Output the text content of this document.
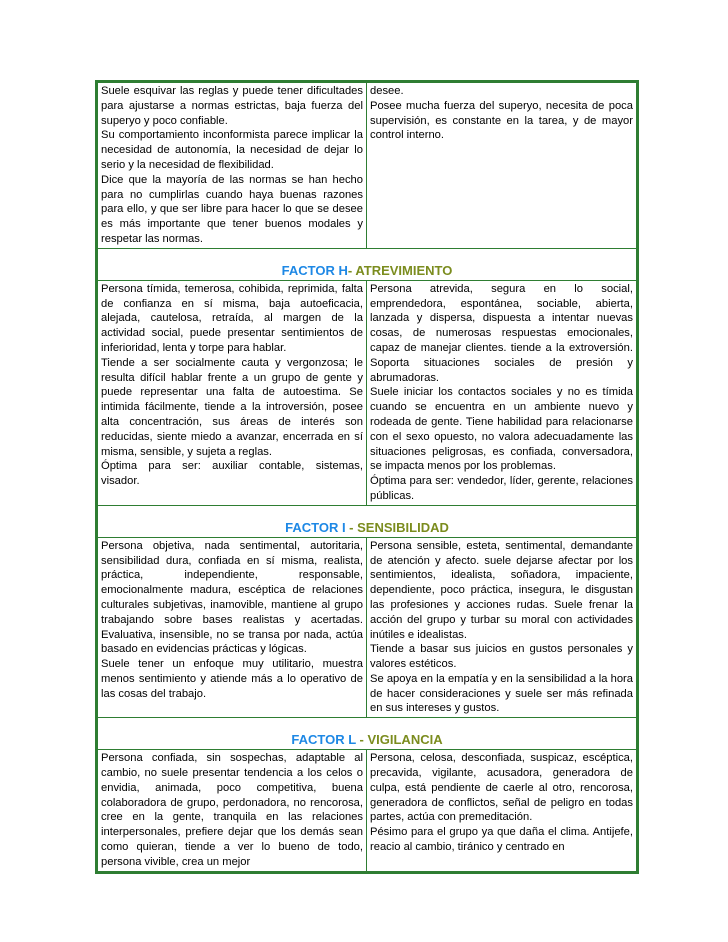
Suele esquivar las reglas y puede tener dificultades para ajustarse a normas estrictas, baja fuerza del superyo y poco confiable.

Su comportamiento inconformista parece implicar la necesidad de autonomía, la necesidad de dejar lo serio y la necesidad de flexibilidad.

Dice que la mayoría de las normas se han hecho para no cumplirlas cuando haya buenas razones para ello, y que ser libre para hacer lo que se desee es más importante que tener buenos modales y respetar las normas.

desee.

Posee mucha fuerza del superyo, necesita de poca supervisión, es constante en la tarea, y de mayor control interno.

FACTOR H- ATREVIMIENTO

Persona tímida, temerosa, cohibida, reprimida, falta de confianza en sí misma, baja autoeficacia, alejada, cautelosa, retraída, al margen de la actividad social, puede presentar sentimientos de inferioridad, lenta y torpe para hablar.

Tiende a ser socialmente cauta y vergonzosa; le resulta difícil hablar frente a un grupo de gente y puede representar una falta de autoestima. Se intimida fácilmente, tiende a la introversión, posee alta concentración, sus áreas de interés son reducidas, siente miedo a avanzar, encerrada en sí misma, sensible, y sujeta a reglas.

Óptima para ser: auxiliar contable, sistemas, visador.

Persona atrevida, segura en lo social, emprendedora, espontánea, sociable, abierta, lanzada y dispersa, dispuesta a intentar nuevas cosas, de numerosas respuestas emocionales, capaz de manejar clientes. tiende a la extroversión. Soporta situaciones sociales de presión y abrumadoras.

Suele iniciar los contactos sociales y no es tímida cuando se encuentra en un ambiente nuevo y rodeada de gente. Tiene habilidad para relacionarse con el sexo opuesto, no valora adecuadamente las situaciones peligrosas, es confiada, conversadora, se impacta menos por los problemas.

Óptima para ser: vendedor, líder, gerente, relaciones públicas.

FACTOR I - SENSIBILIDAD

Persona objetiva, nada sentimental, autoritaria, sensibilidad dura, confiada en sí misma, realista, práctica, independiente, responsable, emocionalmente madura, escéptica de relaciones culturales subjetivas, inamovible, mantiene al grupo trabajando sobre bases realistas y acertadas. Evaluativa, insensible, no se transa por nada, actúa basado en evidencias prácticas y lógicas.

Suele tener un enfoque muy utilitario, muestra menos sentimiento y atiende más a lo operativo de las cosas del trabajo.

Persona sensible, esteta, sentimental, demandante de atención y afecto. suele dejarse afectar por los sentimientos, idealista, soñadora, impaciente, dependiente, poco práctica, insegura, le disgustan las profesiones y acciones rudas. Suele frenar la acción del grupo y turbar su moral con actividades inútiles e idealistas.

Tiende a basar sus juicios en gustos personales y valores estéticos.

Se apoya en la empatía y en la sensibilidad a la hora de hacer consideraciones y suele ser más refinada en sus intereses y gustos.

FACTOR L - VIGILANCIA

Persona confiada, sin sospechas, adaptable al cambio, no suele presentar tendencia a los celos o envidia, animada, poco competitiva, buena colaboradora de grupo, perdonadora, no rencorosa, cree en la gente, tranquila en las relaciones interpersonales, prefiere dejar que los demás sean como quieran, tiende a ver lo bueno de todo, persona vivible, crea un mejor

Persona, celosa, desconfiada, suspicaz, escéptica, precavida, vigilante, acusadora, generadora de culpa, está pendiente de caerle al otro, rencorosa, generadora de conflictos, señal de peligro en todas partes, actúa con premeditación.

Pésimo para el grupo ya que daña el clima. Antijefe, reacio al cambio, tiránico y centrado en
